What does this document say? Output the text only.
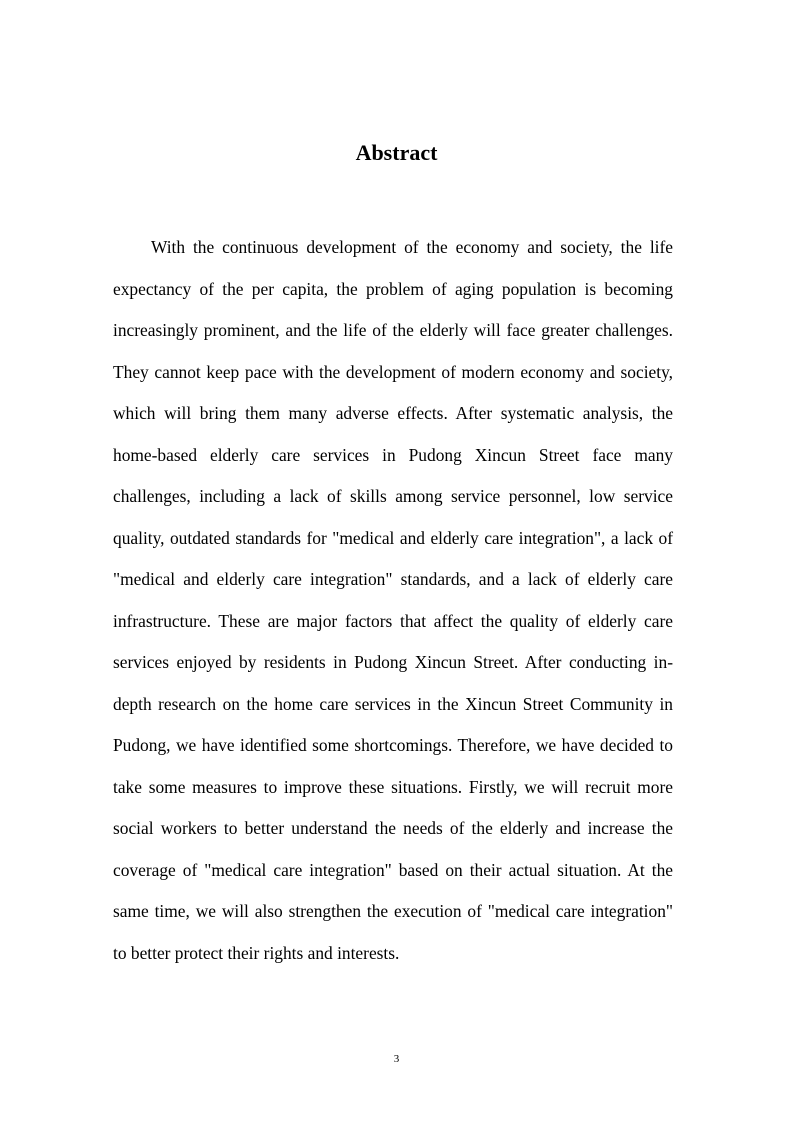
Abstract

With the continuous development of the economy and society, the life expectancy of the per capita, the problem of aging population is becoming increasingly prominent, and the life of the elderly will face greater challenges. They cannot keep pace with the development of modern economy and society, which will bring them many adverse effects. After systematic analysis, the home-based elderly care services in Pudong Xincun Street face many challenges, including a lack of skills among service personnel, low service quality, outdated standards for "medical and elderly care integration", a lack of "medical and elderly care integration" standards, and a lack of elderly care infrastructure. These are major factors that affect the quality of elderly care services enjoyed by residents in Pudong Xincun Street. After conducting in-depth research on the home care services in the Xincun Street Community in Pudong, we have identified some shortcomings. Therefore, we have decided to take some measures to improve these situations. Firstly, we will recruit more social workers to better understand the needs of the elderly and increase the coverage of "medical care integration" based on their actual situation. At the same time, we will also strengthen the execution of "medical care integration" to better protect their rights and interests.

3
